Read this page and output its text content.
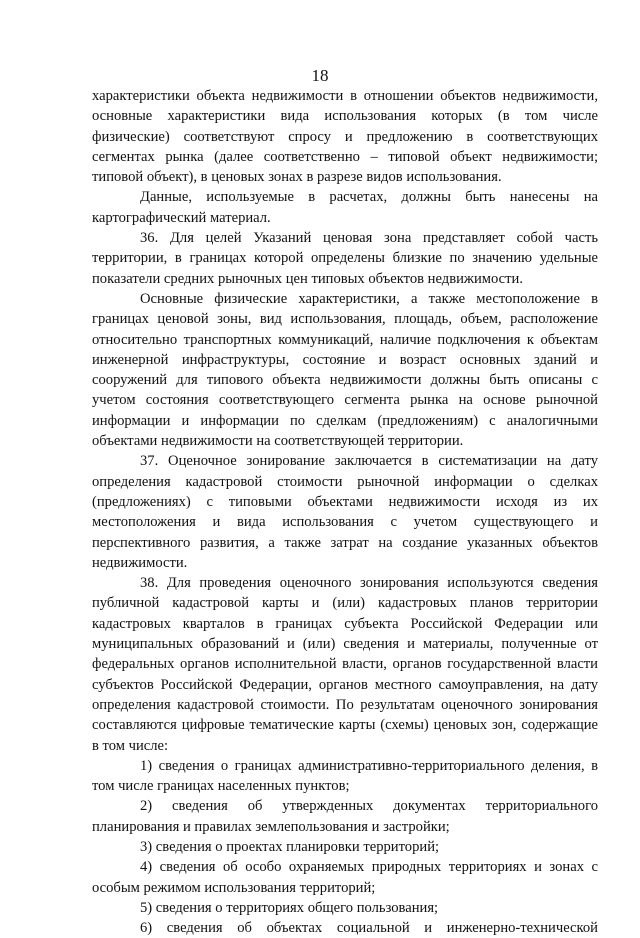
18

характеристики объекта недвижимости в отношении объектов недвижимости, основные характеристики вида использования которых (в том числе физические) соответствуют спросу и предложению в соответствующих сегментах рынка (далее соответственно – типовой объект недвижимости; типовой объект), в ценовых зонах в разрезе видов использования.

Данные, используемые в расчетах, должны быть нанесены на картографический материал.

36. Для целей Указаний ценовая зона представляет собой часть территории, в границах которой определены близкие по значению удельные показатели средних рыночных цен типовых объектов недвижимости.

Основные физические характеристики, а также местоположение в границах ценовой зоны, вид использования, площадь, объем, расположение относительно транспортных коммуникаций, наличие подключения к объектам инженерной инфраструктуры, состояние и возраст основных зданий и сооружений для типового объекта недвижимости должны быть описаны с учетом состояния соответствующего сегмента рынка на основе рыночной информации и информации по сделкам (предложениям) с аналогичными объектами недвижимости на соответствующей территории.

37. Оценочное зонирование заключается в систематизации на дату определения кадастровой стоимости рыночной информации о сделках (предложениях) с типовыми объектами недвижимости исходя из их местоположения и вида использования с учетом существующего и перспективного развития, а также затрат на создание указанных объектов недвижимости.

38. Для проведения оценочного зонирования используются сведения публичной кадастровой карты и (или) кадастровых планов территории кадастровых кварталов в границах субъекта Российской Федерации или муниципальных образований и (или) сведения и материалы, полученные от федеральных органов исполнительной власти, органов государственной власти субъектов Российской Федерации, органов местного самоуправления, на дату определения кадастровой стоимости. По результатам оценочного зонирования составляются цифровые тематические карты (схемы) ценовых зон, содержащие в том числе:

1) сведения о границах административно-территориального деления, в том числе границах населенных пунктов;

2) сведения об утвержденных документах территориального планирования и правилах землепользования и застройки;

3) сведения о проектах планировки территорий;

4) сведения об особо охраняемых природных территориях и зонах с особым режимом использования территорий;

5) сведения о территориях общего пользования;

6) сведения об объектах социальной и инженерно-технической
